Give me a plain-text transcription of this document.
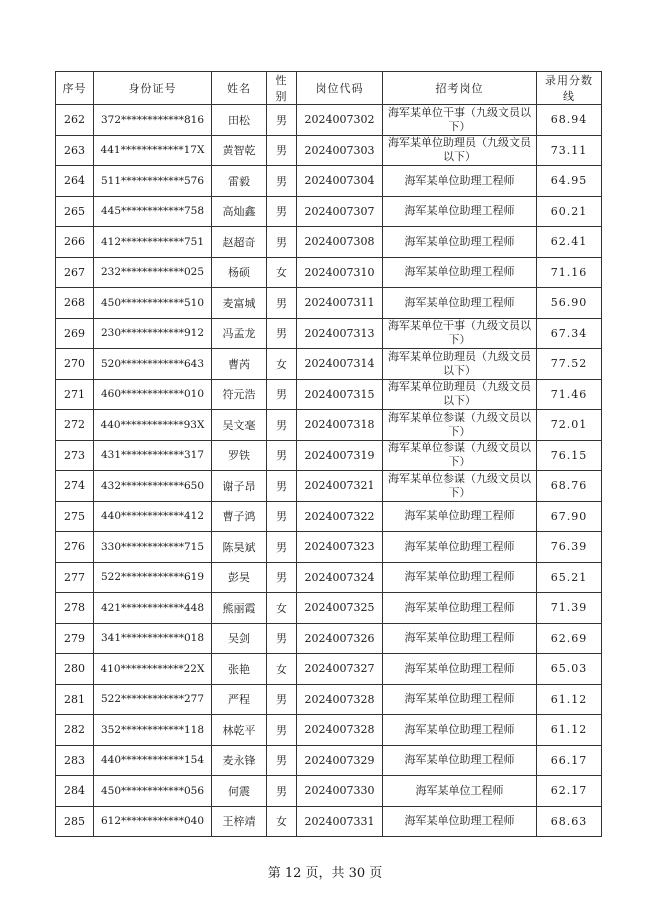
序号	身份证号	姓名	性别	岗位代码	招考岗位	录用分数线
262	372************816	田松	男	2024007302	海军某单位干事（九级文员以下）	68.94
263	441************17X	黄智乾	男	2024007303	海军某单位助理员（九级文员以下）	73.11
264	511************576	雷毅	男	2024007304	海军某单位助理工程师	64.95
265	445************758	高灿鑫	男	2024007307	海军某单位助理工程师	60.21
266	412************751	赵超奇	男	2024007308	海军某单位助理工程师	62.41
267	232************025	杨硕	女	2024007310	海军某单位助理工程师	71.16
268	450************510	麦富城	男	2024007311	海军某单位助理工程师	56.90
269	230************912	冯孟龙	男	2024007313	海军某单位干事（九级文员以下）	67.34
270	520************643	曹芮	女	2024007314	海军某单位助理员（九级文员以下）	77.52
271	460************010	符元浩	男	2024007315	海军某单位助理员（九级文员以下）	71.46
272	440************93X	吴文毫	男	2024007318	海军某单位参谋（九级文员以下）	72.01
273	431************317	罗铁	男	2024007319	海军某单位参谋（九级文员以下）	76.15
274	432************650	谢子昂	男	2024007321	海军某单位参谋（九级文员以下）	68.76
275	440************412	曹子鸿	男	2024007322	海军某单位助理工程师	67.90
276	330************715	陈昊斌	男	2024007323	海军某单位助理工程师	76.39
277	522************619	彭昊	男	2024007324	海军某单位助理工程师	65.21
278	421************448	熊丽霞	女	2024007325	海军某单位助理工程师	71.39
279	341************018	吴剑	男	2024007326	海军某单位助理工程师	62.69
280	410************22X	张艳	女	2024007327	海军某单位助理工程师	65.03
281	522************277	严程	男	2024007328	海军某单位助理工程师	61.12
282	352************118	林乾平	男	2024007328	海军某单位助理工程师	61.12
283	440************154	麦永锋	男	2024007329	海军某单位助理工程师	66.17
284	450************056	何震	男	2024007330	海军某单位工程师	62.17
285	612************040	王梓靖	女	2024007331	海军某单位助理工程师	68.63
第 12 页，共 30 页
